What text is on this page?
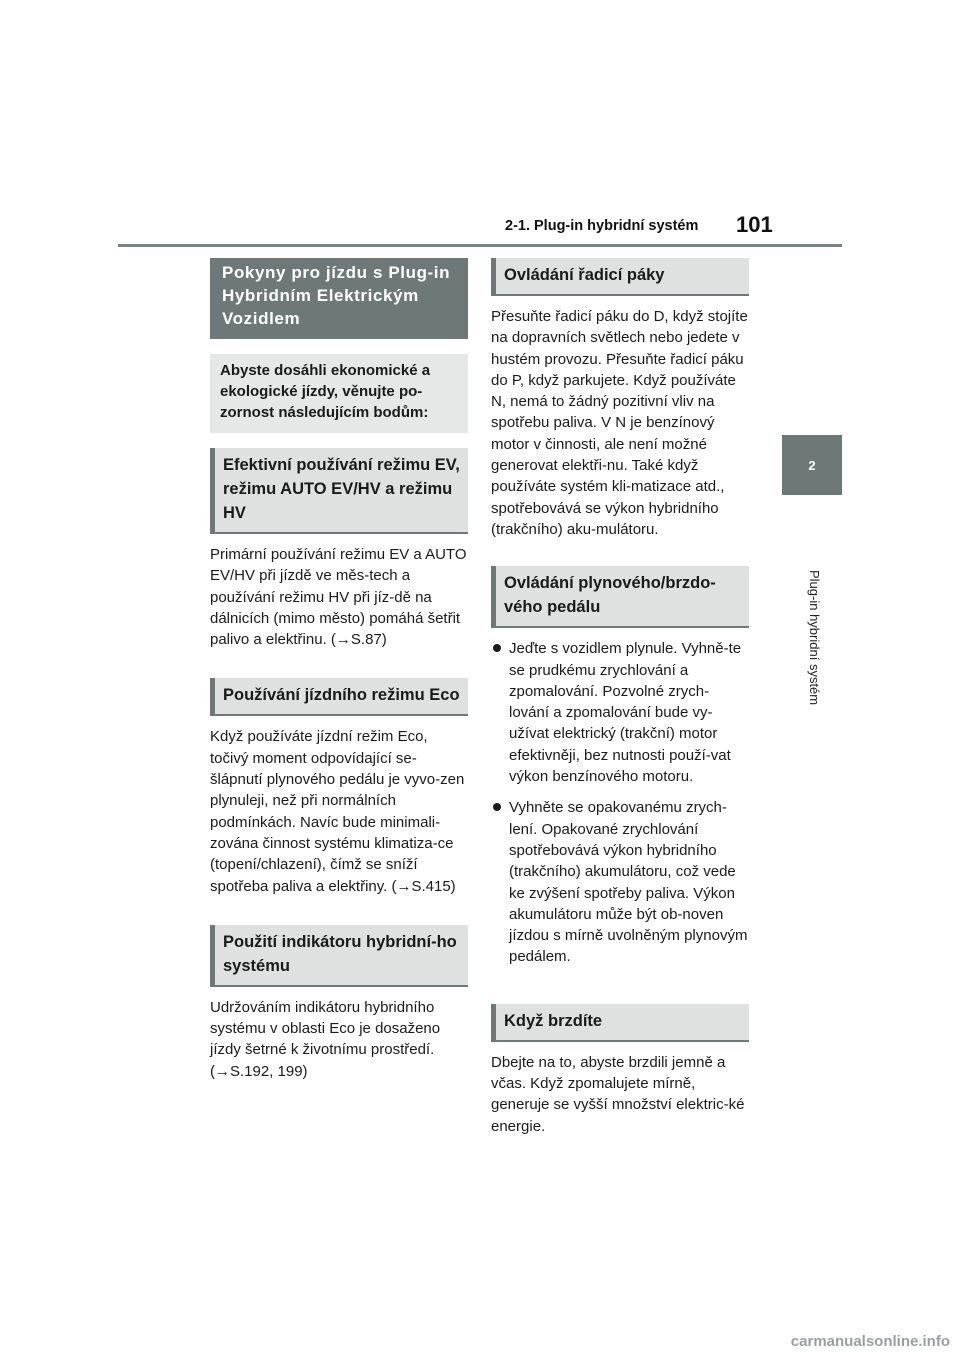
2-1. Plug-in hybridní systém 101
2
Plug-in hybridní systém
Pokyny pro jízdu s Plug-in Hybridním Elektrickým Vozidlem
Abyste dosáhli ekonomické a ekologické jízdy, věnujte po-zornost následujícím bodům:
Efektivní používání režimu EV, režimu AUTO EV/HV a režimu HV

Primární používání režimu EV a AUTO EV/HV při jízdě ve měs-tech a používání režimu HV při jíz-dě na dálnicích (mimo město) pomáhá šetřit palivo a elektřinu. (→S.87)

Používání jízdního režimu Eco

Když používáte jízdní režim Eco, točivý moment odpovídající se-šlápnutí plynového pedálu je vyvo-zen plynuleji, než při normálních podmínkách. Navíc bude minimali-zována činnost systému klimatiza-ce (topení/chlazení), čímž se sníží spotřeba paliva a elektřiny. (→S.415)

Použití indikátoru hybridní-ho systému

Udržováním indikátoru hybridního systému v oblasti Eco je dosaženo jízdy šetrné k životnímu prostředí. (→S.192, 199)

Ovládání řadicí páky

Přesuňte řadicí páku do D, když stojíte na dopravních světlech nebo jedete v hustém provozu. Přesuňte řadicí páku do P, když parkujete. Když používáte N, nemá to žádný pozitivní vliv na spotřebu paliva. V N je benzínový motor v činnosti, ale není možné generovat elektři-nu. Také když používáte systém kli-matizace atd., spotřebovává se výkon hybridního (trakčního) aku-mulátoru.

Ovládání plynového/brzdo-vého pedálu
Jeďte s vozidlem plynule. Vyhně-te se prudkému zrychlování a zpomalování. Pozvolné zrych-lování a zpomalování bude vy-užívat elektrický (trakční) motor efektivněji, bez nutnosti použí-vat výkon benzínového motoru.
Vyhněte se opakovanému zrych-lení. Opakované zrychlování spotřebovává výkon hybridního (trakčního) akumulátoru, což vede ke zvýšení spotřeby paliva. Výkon akumulátoru může být ob-noven jízdou s mírně uvolněným plynovým pedálem.
Když brzdíte

Dbejte na to, abyste brzdili jemně a včas. Když zpomalujete mírně, generuje se vyšší množství elektric-ké energie.

carmanualsonline.info
